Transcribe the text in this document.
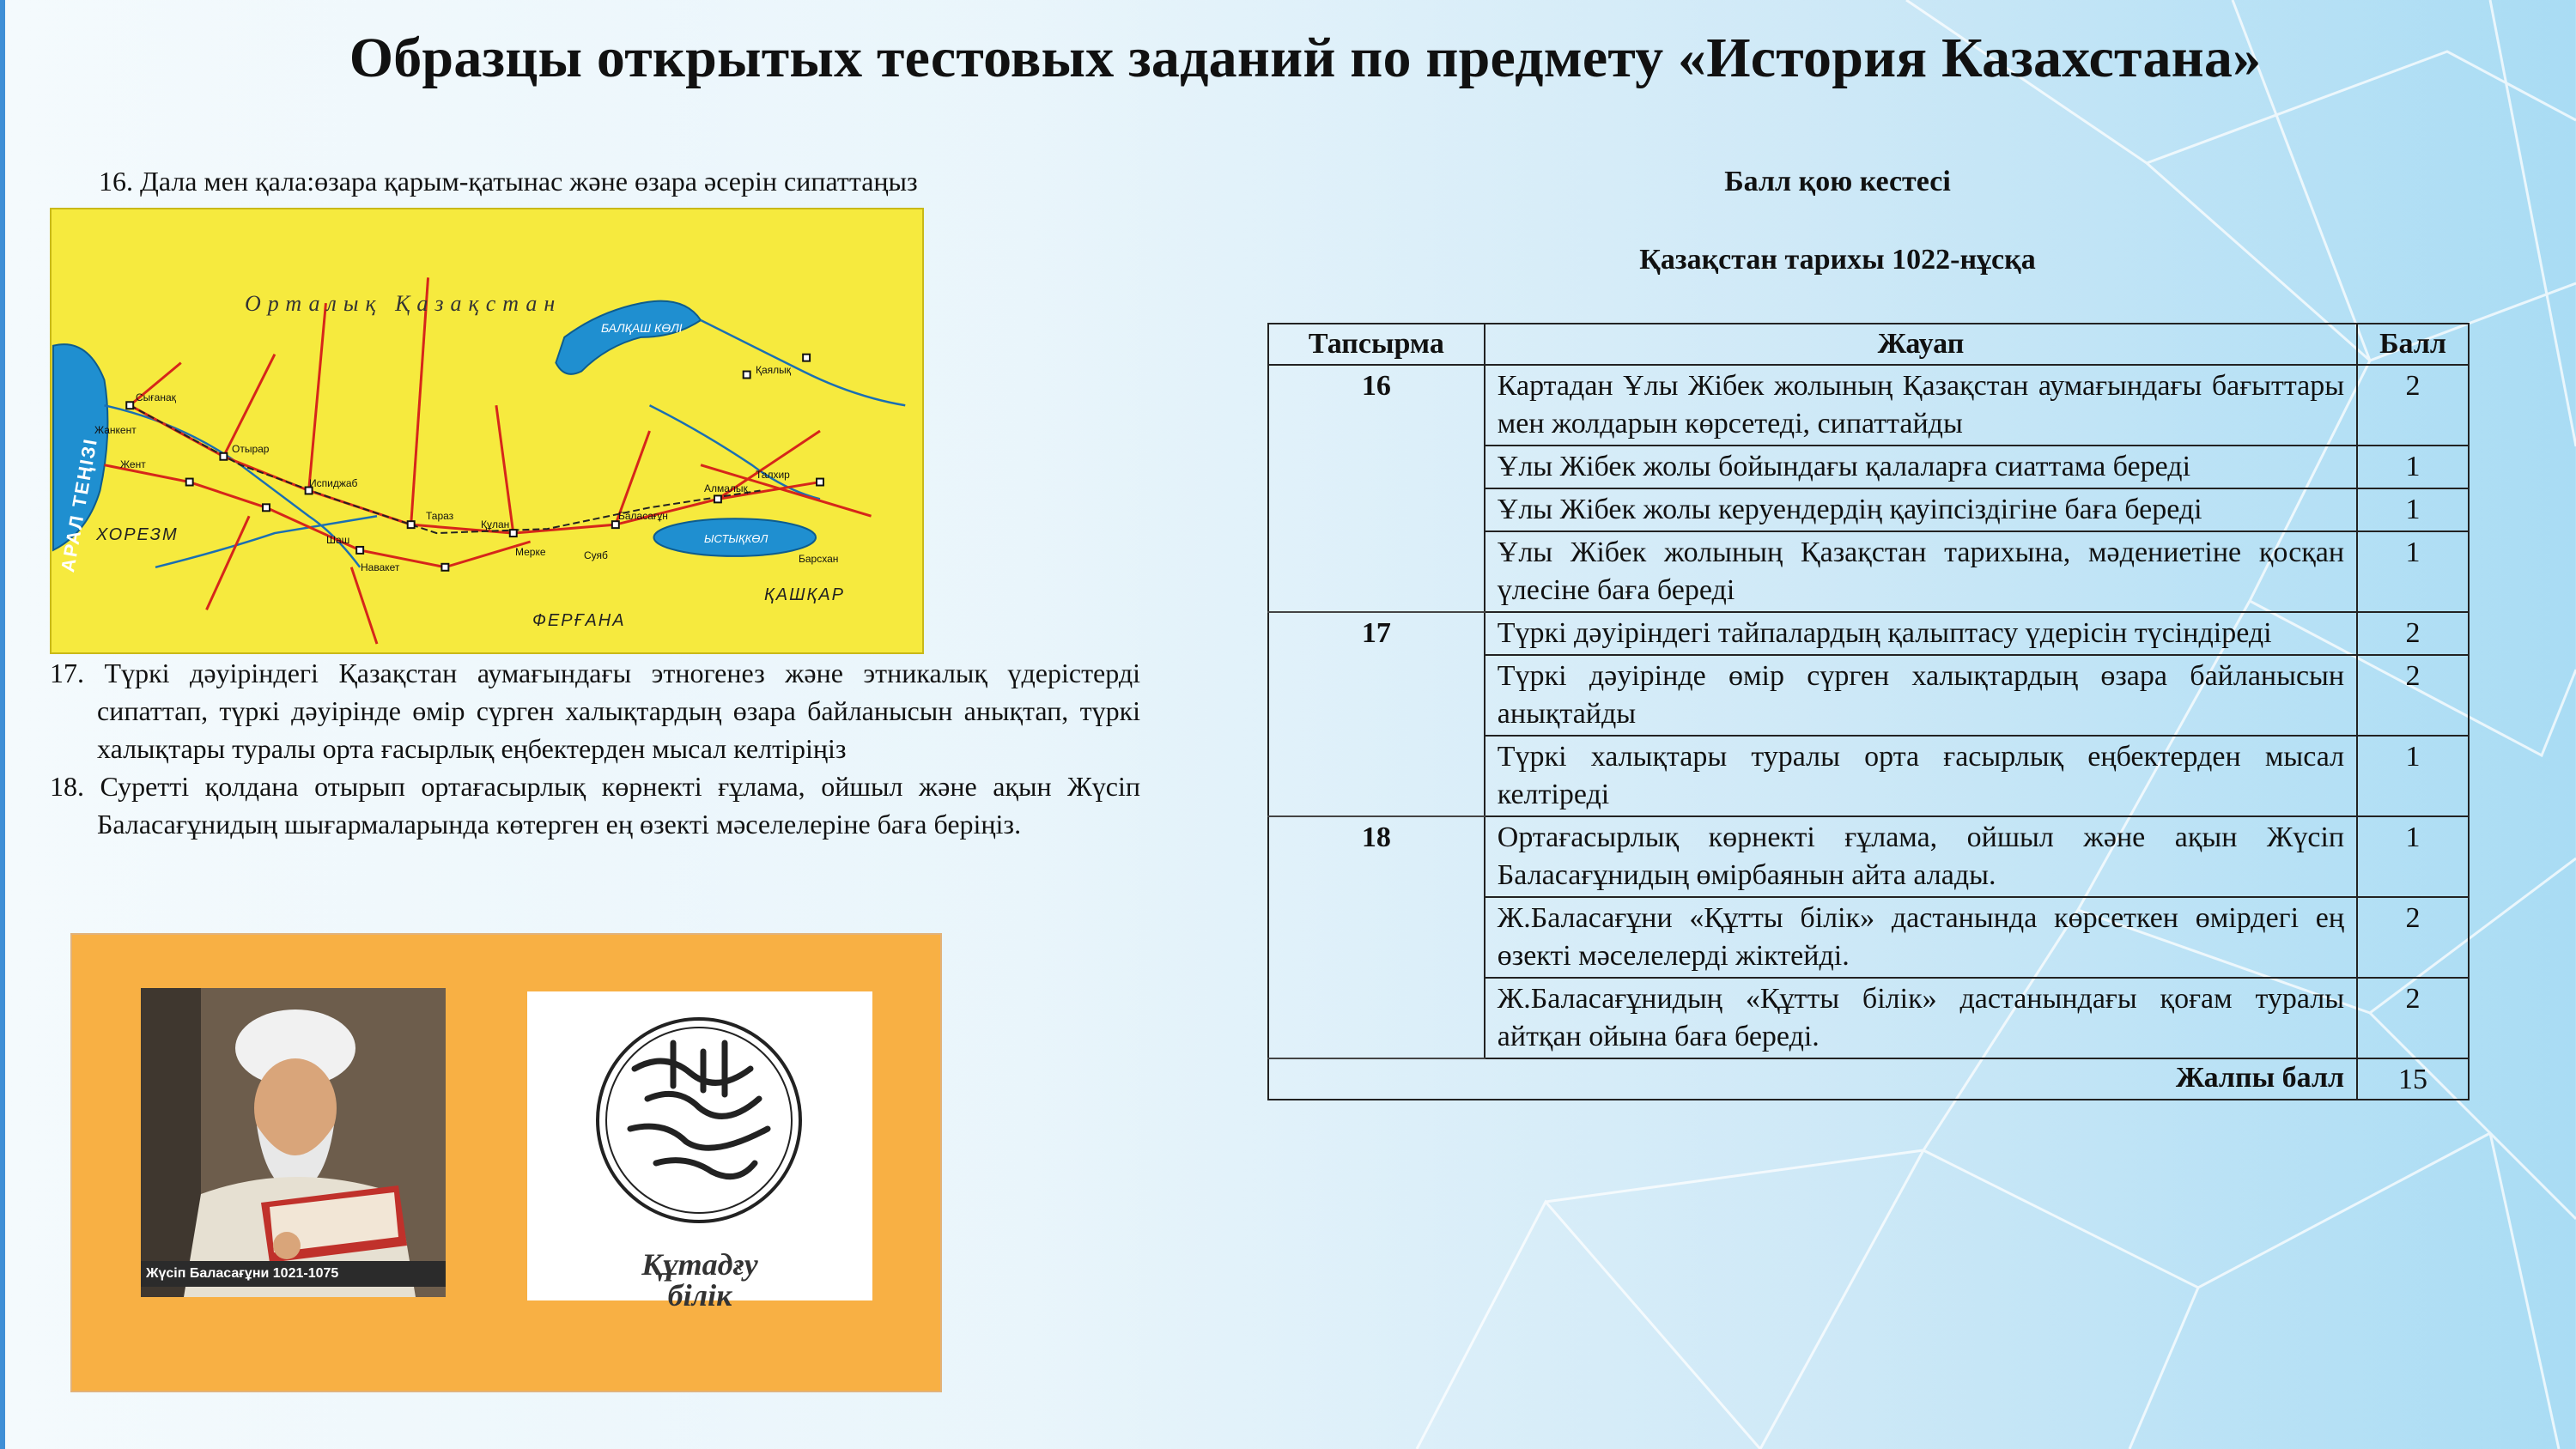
Образцы открытых тестовых заданий по предмету «История Казахстана»
16. Дала мен қала:өзара қарым-қатынас және өзара әсерін сипаттаңыз
Орталық Қазақстан
АРАЛ ТЕҢІЗІ
ХОРЕЗМ
ФЕРҒАНА
ҚАШҚАР
БАЛҚАШ КӨЛІ
ЫСТЫҚКӨЛ
Сығанақ
Жент
Жанкент
Отырар
Тараз
Испиджаб	Алмалық
Баласағұн
Суяб
Навакет
Талхир
Шаш
Қаялық
Барсхан
Мерке
Құлан

17. Түркі дәуіріндегі Қазақстан аумағындағы этногенез және этникалық үдерістерді сипаттап, түркі дәуірінде өмір сүрген халықтардың өзара байланысын анықтап, түркі халықтары туралы орта ғасырлық еңбектерден мысал келтіріңіз

18. Суретті қолдана отырып ортағасырлық көрнекті ғұлама, ойшыл және ақын Жүсіп Баласағұнидың шығармаларында көтерген ең өзекті мәселелеріне баға беріңіз.

Жүсіп Баласағұни 1021-1075	Құтадғу
білік
Балл қою кестесі
Қазақстан тарихы 1022-нұсқа
Тапсырма	Жауап	Балл
16	Картадан Ұлы Жібек жолының Қазақстан аумағындағы бағыттары мен жолдарын көрсетеді, сипаттайды	2
	Ұлы Жібек жолы бойындағы қалаларға сиаттама береді	1
	Ұлы Жібек жолы керуендердің қауіпсіздігіне баға береді	1
	Ұлы Жібек жолының Қазақстан тарихына, мәдениетіне қосқан үлесіне баға береді	1
17	Түркі дәуіріндегі тайпалардың қалыптасу үдерісін түсіндіреді	2
	Түркі дәуірінде өмір сүрген халықтардың өзара байланысын анықтайды	2
	Түркі халықтары туралы орта ғасырлық еңбектерден мысал келтіреді	1
18	Ортағасырлық көрнекті ғұлама, ойшыл және ақын Жүсіп Баласағұнидың өмірбаянын айта алады.	1
	Ж.Баласағұни «Құтты білік» дастанында көрсеткен өмірдегі ең өзекті мәселелерді жіктейді.	2
	Ж.Баласағұнидың «Құтты білік» дастанындағы қоғам туралы айтқан ойына баға береді.	2
Жалпы балл		15
